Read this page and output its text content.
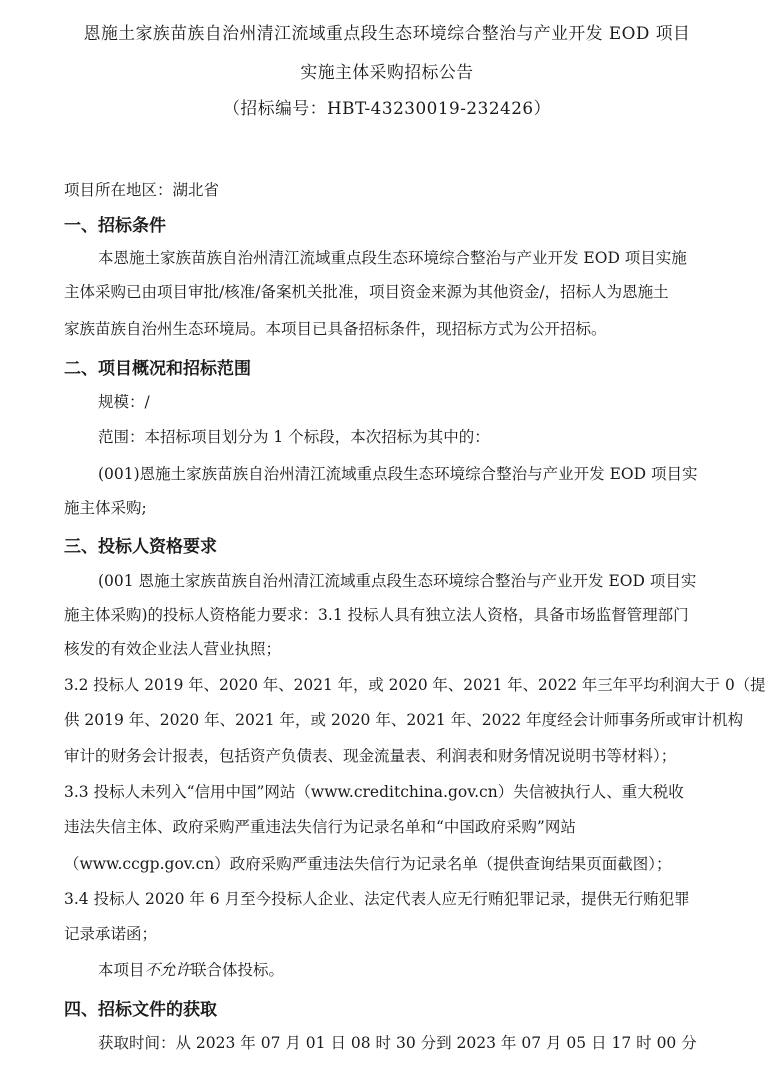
恩施土家族苗族自治州清江流域重点段生态环境综合整治与产业开发 EOD 项目
实施主体采购招标公告
（招标编号：HBT-43230019-232426）
项目所在地区：湖北省
一、招标条件
本恩施土家族苗族自治州清江流域重点段生态环境综合整治与产业开发 EOD 项目实施
主体采购已由项目审批/核准/备案机关批准，项目资金来源为其他资金/，招标人为恩施土
家族苗族自治州生态环境局。本项目已具备招标条件，现招标方式为公开招标。
二、项目概况和招标范围
规模：/
范围：本招标项目划分为 1 个标段，本次招标为其中的：
(001)恩施土家族苗族自治州清江流域重点段生态环境综合整治与产业开发 EOD 项目实
施主体采购;
三、投标人资格要求
(001 恩施土家族苗族自治州清江流域重点段生态环境综合整治与产业开发 EOD 项目实
施主体采购)的投标人资格能力要求：3.1 投标人具有独立法人资格，具备市场监督管理部门
核发的有效企业法人营业执照；
3.2 投标人 2019 年、2020 年、2021 年，或 2020 年、2021 年、2022 年三年平均利润大于 0（提
供 2019 年、2020 年、2021 年，或 2020 年、2021 年、2022 年度经会计师事务所或审计机构
审计的财务会计报表，包括资产负债表、现金流量表、利润表和财务情况说明书等材料）；
3.3 投标人未列入“信用中国”网站（www.creditchina.gov.cn）失信被执行人、重大税收
违法失信主体、政府采购严重违法失信行为记录名单和“中国政府采购”网站
（www.ccgp.gov.cn）政府采购严重违法失信行为记录名单（提供查询结果页面截图）；
3.4 投标人 2020 年 6 月至今投标人企业、法定代表人应无行贿犯罪记录，提供无行贿犯罪
记录承诺函；
本项目不允许联合体投标。
四、招标文件的获取
获取时间：从 2023 年 07 月 01 日 08 时 30 分到 2023 年 07 月 05 日 17 时 00 分
